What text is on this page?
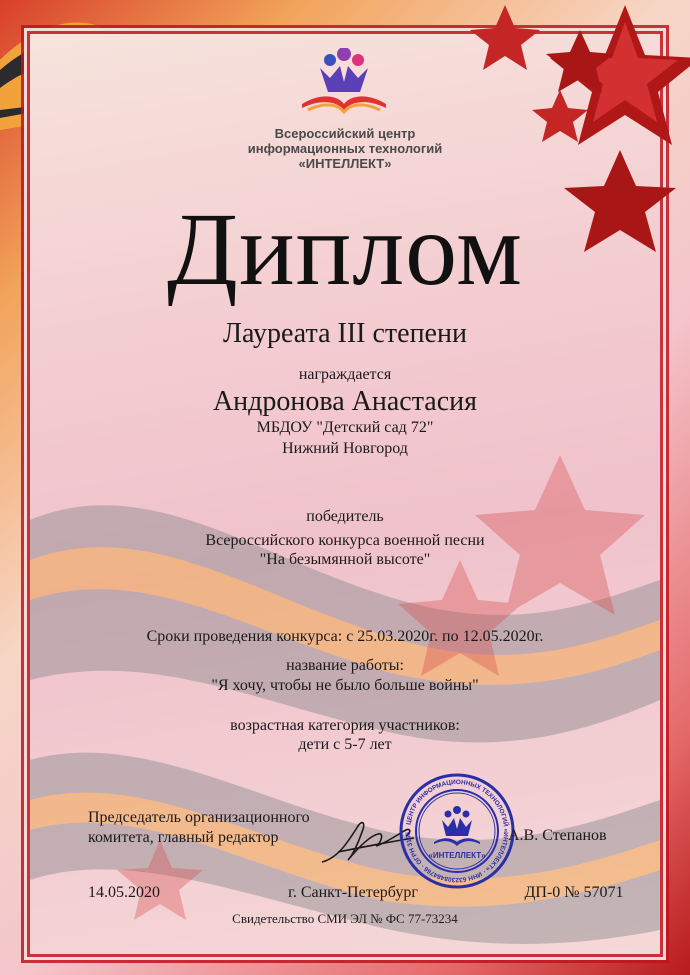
Всероссийский центр
информационных технологий
«ИНТЕЛЛЕКТ»
Диплом
Лауреата III степени
награждается
Андронова Анастасия
МБДОУ "Детский сад 72"
Нижний Новгород
победитель
Всероссийского конкурса военной песни
"На безымянной высоте"
Сроки проведения конкурса: с 25.03.2020г. по 12.05.2020г.
название работы:
"Я хочу, чтобы не было больше войны"
возрастная категория участников:
дети с 5-7 лет
Председатель организационного
комитета, главный редактор
ЦЕНТР ИНФОРМАЦИОННЫХ ТЕХНОЛОГИЙ «ИНТЕЛЛЕКТ» · ИНН 632308484766 · ОГРН 3156
«ИНТЕЛЛЕКТ»
А.В. Степанов
14.05.2020	г. Санкт-Петербург	ДП-0 № 57071
Свидетельство СМИ ЭЛ № ФС 77-73234
